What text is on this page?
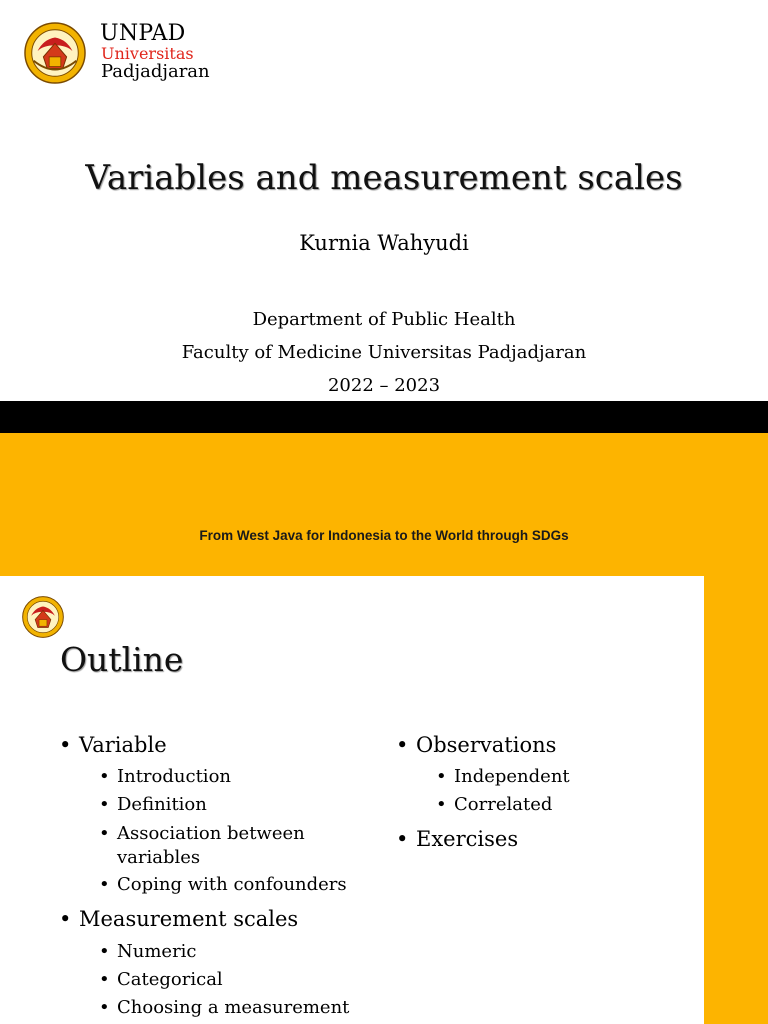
UNPAD
Universitas
Padjadjaran
Variables and measurement scales
Kurnia Wahyudi
Department of Public Health
Faculty of Medicine Universitas Padjadjaran
2022 – 2023
From West Java for Indonesia to the World through SDGs
Outline
• Variable
• Introduction
• Definition
• Association between variables
• Coping with confounders
• Measurement scales
• Numeric
• Categorical
• Choosing a measurement
• Observations
• Independent
• Correlated
• Exercises
